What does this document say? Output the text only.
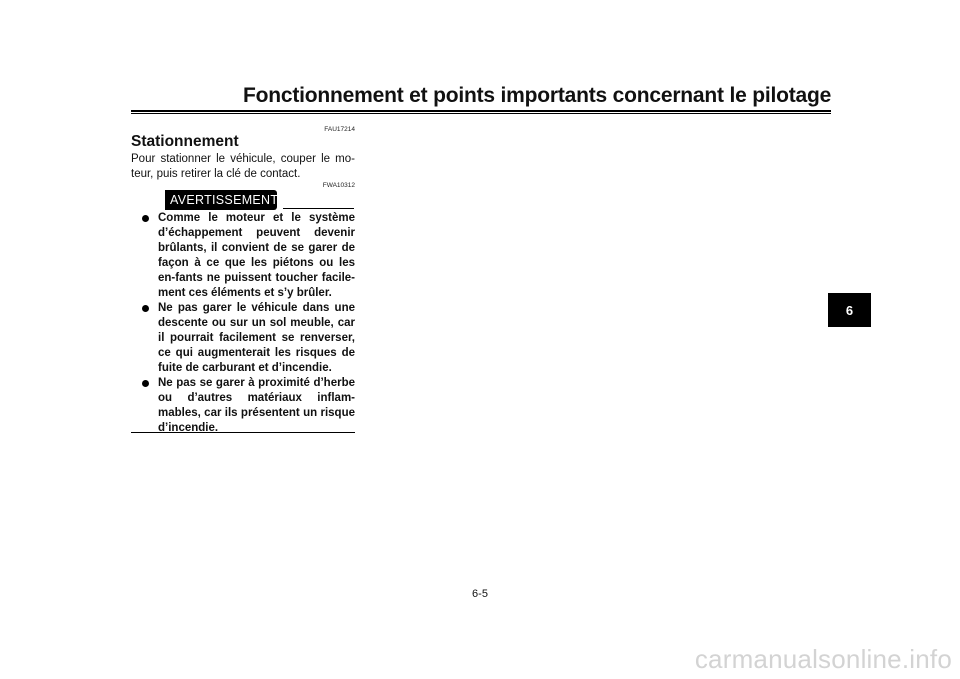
Fonctionnement et points importants concernant le pilotage
FAU17214
Stationnement
Pour stationner le véhicule, couper le mo-teur, puis retirer la clé de contact.
FWA10312
AVERTISSEMENT
Comme le moteur et le système d’échappement peuvent devenir brûlants, il convient de se garer de façon à ce que les piétons ou les en-fants ne puissent toucher facile-ment ces éléments et s’y brûler.
Ne pas garer le véhicule dans une descente ou sur un sol meuble, car il pourrait facilement se renverser, ce qui augmenterait les risques de fuite de carburant et d’incendie.
Ne pas se garer à proximité d’herbe ou d’autres matériaux inflam-mables, car ils présentent un risque d’incendie.
6
6-5
carmanualsonline.info
